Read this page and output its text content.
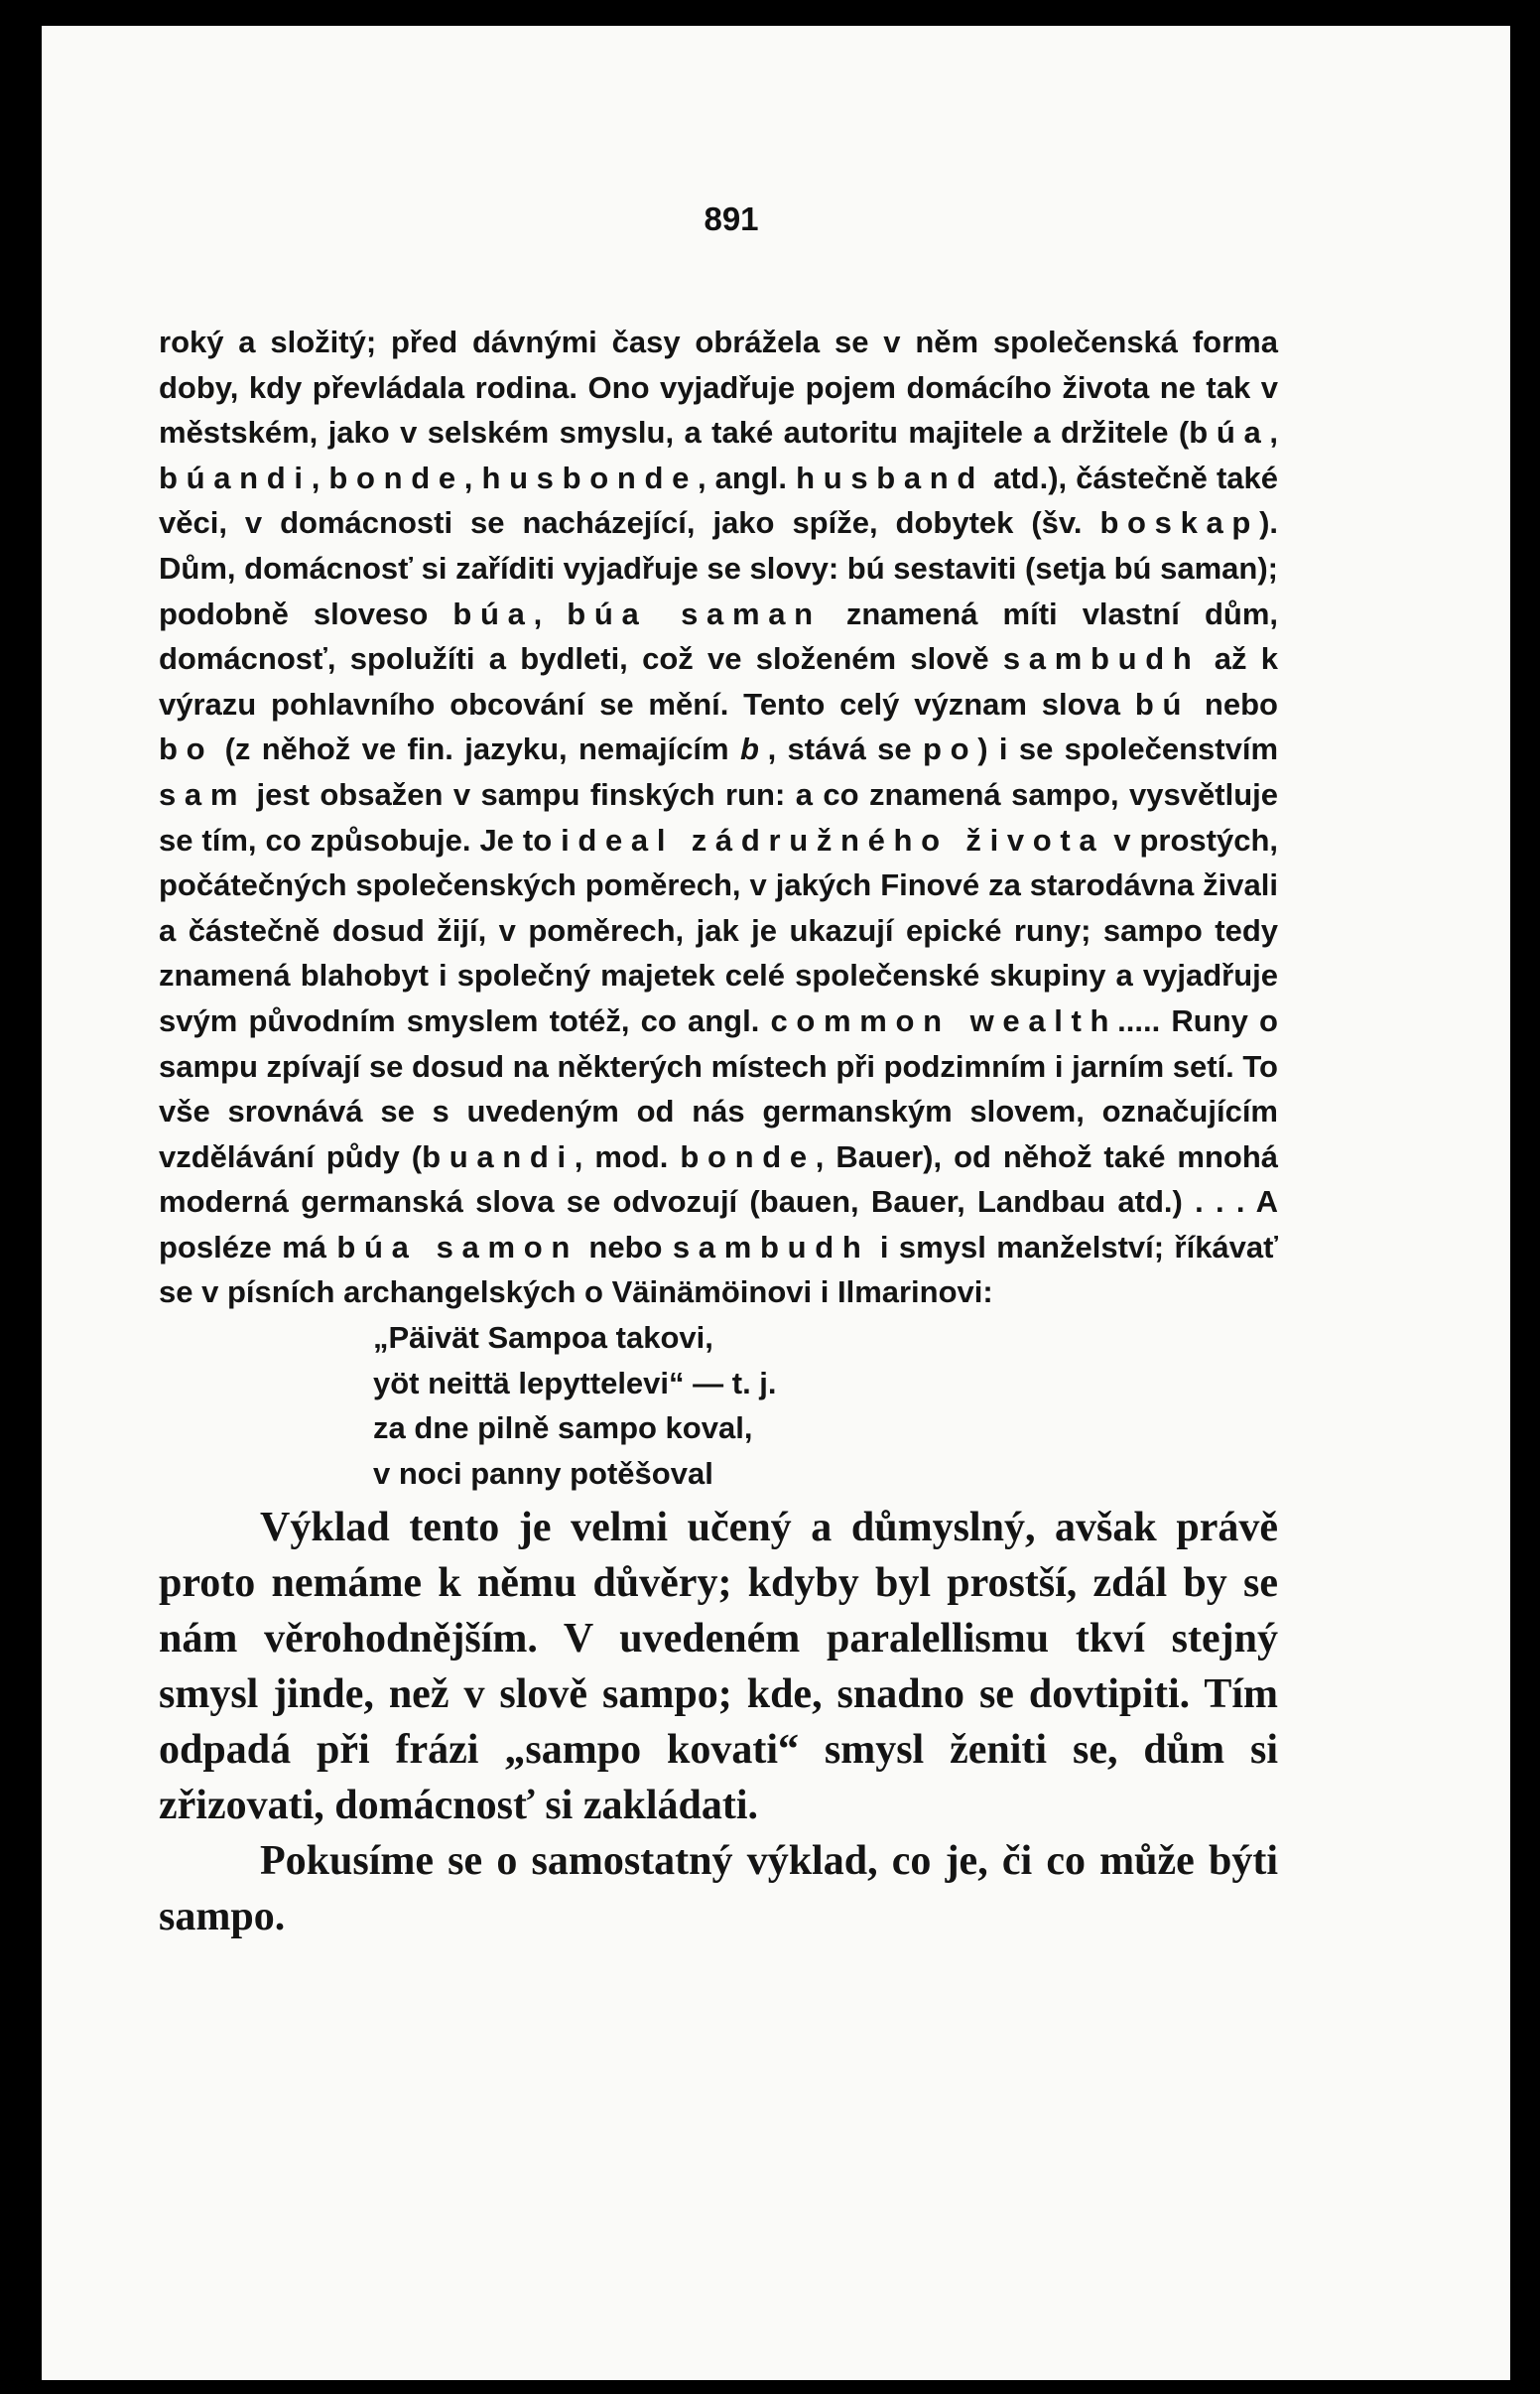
891

roký a složitý; před dávnými časy obrážela se v něm společenská forma doby, kdy převládala rodina. Ono vyjadřuje pojem domácího života ne tak v městském, jako v selském smyslu, a také autoritu majitele a držitele (búa, búandi, bonde, husbonde, angl. husband atd.), částečně také věci, v domácnosti se nacházející, jako spíže, dobytek (šv. boskap). Dům, domácnosť si zaříditi vyjadřuje se slovy: bú sestaviti (setja bú saman); podobně sloveso búa, búa saman znamená míti vlastní dům, domácnosť, spolužíti a bydleti, což ve složeném slově sambudh až k výrazu pohlavního obcování se mění. Tento celý význam slova bú nebo bo (z něhož ve fin. jazyku, nemajícím b, stává se po) i se společenstvím sam jest obsažen v sampu finských run: a co znamená sampo, vysvětluje se tím, co způsobuje. Je to ideal zádružného života v prostých, počátečných společenských poměrech, v jakých Finové za starodávna živali a částečně dosud žijí, v poměrech, jak je ukazují epické runy; sampo tedy znamená blahobyt i společný majetek celé společenské skupiny a vyjadřuje svým původním smyslem totéž, co angl. common wealth..... Runy o sampu zpívají se dosud na některých místech při podzimním i jarním setí. To vše srovnává se s uvedeným od nás germanským slovem, označujícím vzdělávání půdy (buandi, mod. bonde, Bauer), od něhož také mnohá moderná germanská slova se odvozují (bauen, Bauer, Landbau atd.) . . . A posléze má búa samon nebo sambudh i smysl manželství; říkávať se v písních archangelských o Väinämöinovi i Ilmarinovi:

„Päivät Sampoa takovi,
yöt neittä lepyttelevi“ — t. j.
za dne pilně sampo koval,
v noci panny potěšoval

Výklad tento je velmi učený a důmyslný, avšak právě proto nemáme k němu důvěry; kdyby byl prostší, zdál by se nám věrohodnějším. V uvedeném paralellismu tkví stejný smysl jinde, než v slově sampo; kde, snadno se dovtipiti. Tím odpadá při frázi „sampo kovati“ smysl ženiti se, dům si zřizovati, domácnosť si zakládati.

Pokusíme se o samostatný výklad, co je, či co může býti sampo.
